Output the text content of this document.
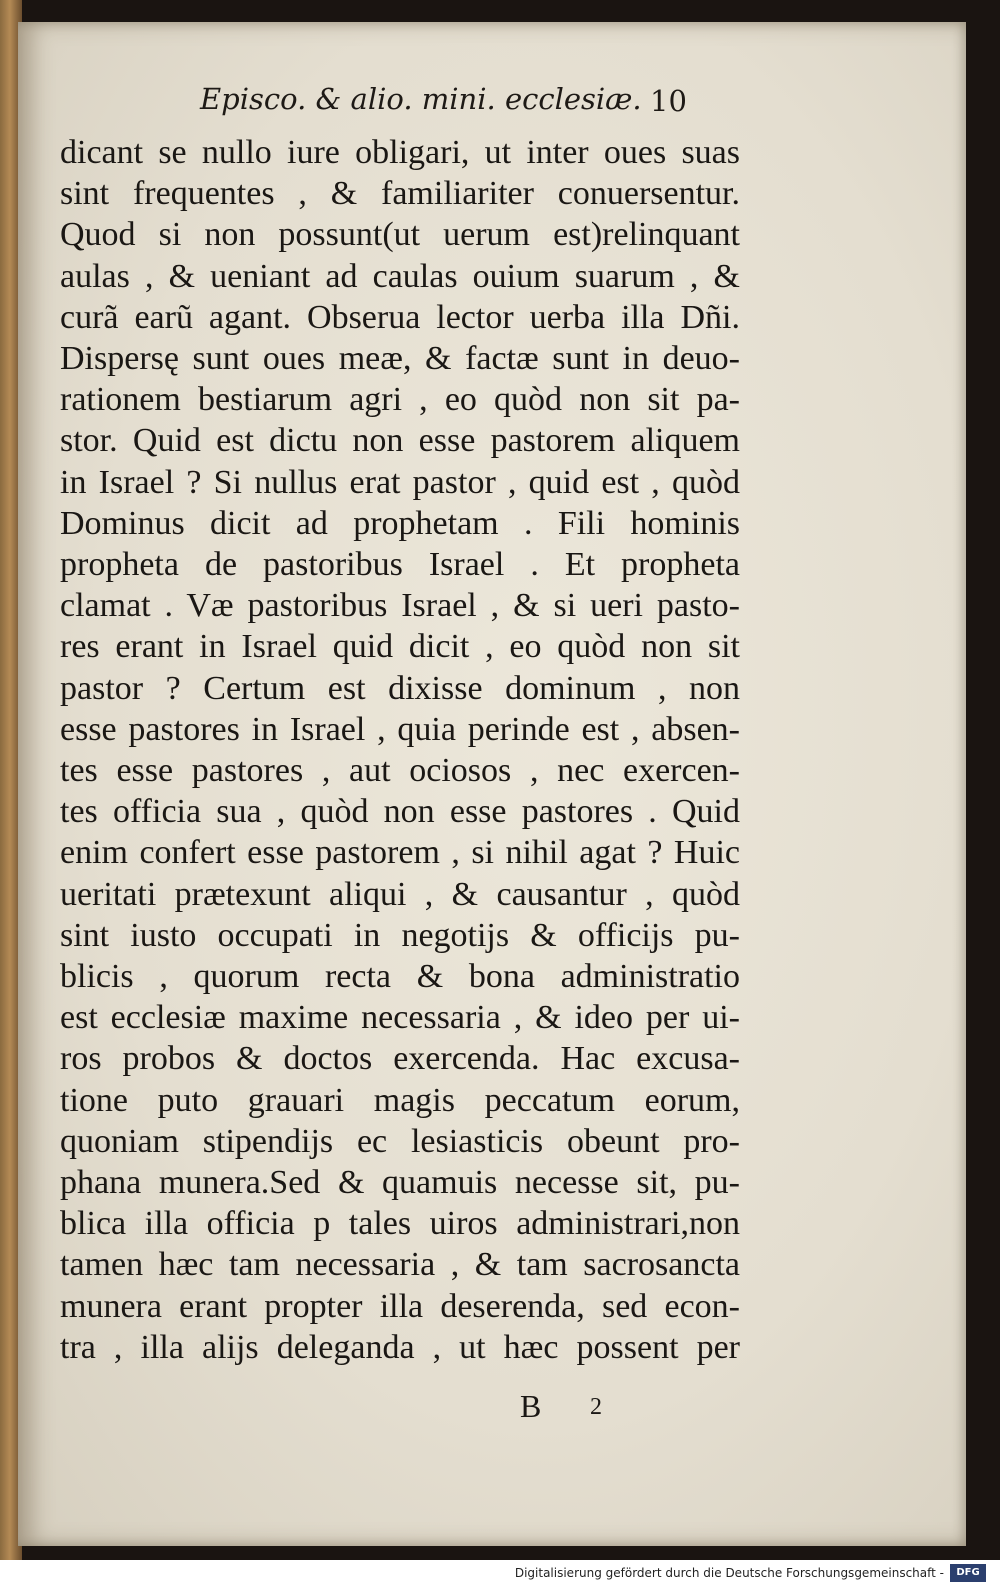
Episco. & alio. mini. ecclesiæ. 10
dicant se nullo iure obligari, ut inter oues suas
sint frequentes , & familiariter conuersentur.
Quod si non possunt(ut uerum est)relinquant
aulas , & ueniant ad caulas ouium suarum , &
curã earũ agant. Obserua lector uerba illa Dñi.
Dispersę sunt oues meæ, & factæ sunt in deuo-
rationem bestiarum agri , eo quòd non sit pa-
stor. Quid est dictu non esse pastorem aliquem
in Israel ? Si nullus erat pastor , quid est , quòd
Dominus dicit ad prophetam . Fili hominis
propheta de pastoribus Israel . Et propheta
clamat . Væ pastoribus Israel , & si ueri pasto-
res erant in Israel quid dicit , eo quòd non sit
pastor ? Certum est dixisse dominum , non
esse pastores in Israel , quia perinde est , absen-
tes esse pastores , aut ociosos , nec exercen-
tes officia sua , quòd non esse pastores . Quid
enim confert esse pastorem , si nihil agat ? Huic
ueritati prætexunt aliqui , & causantur , quòd
sint iusto occupati in negotijs & officijs pu-
blicis , quorum recta & bona administratio
est ecclesiæ maxime necessaria , & ideo per ui-
ros probos & doctos exercenda. Hac excusa-
tione puto grauari magis peccatum eorum,
quoniam stipendijs ec lesiasticis obeunt pro-
phana munera.Sed & quamuis necesse sit, pu-
blica illa officia p tales uiros administrari,non
tamen hæc tam necessaria , & tam sacrosancta
munera erant propter illa deserenda, sed econ-
tra , illa alijs deleganda , ut hæc possent per
B 2
Digitalisierung gefördert durch die Deutsche Forschungsgemeinschaft -	DFG
